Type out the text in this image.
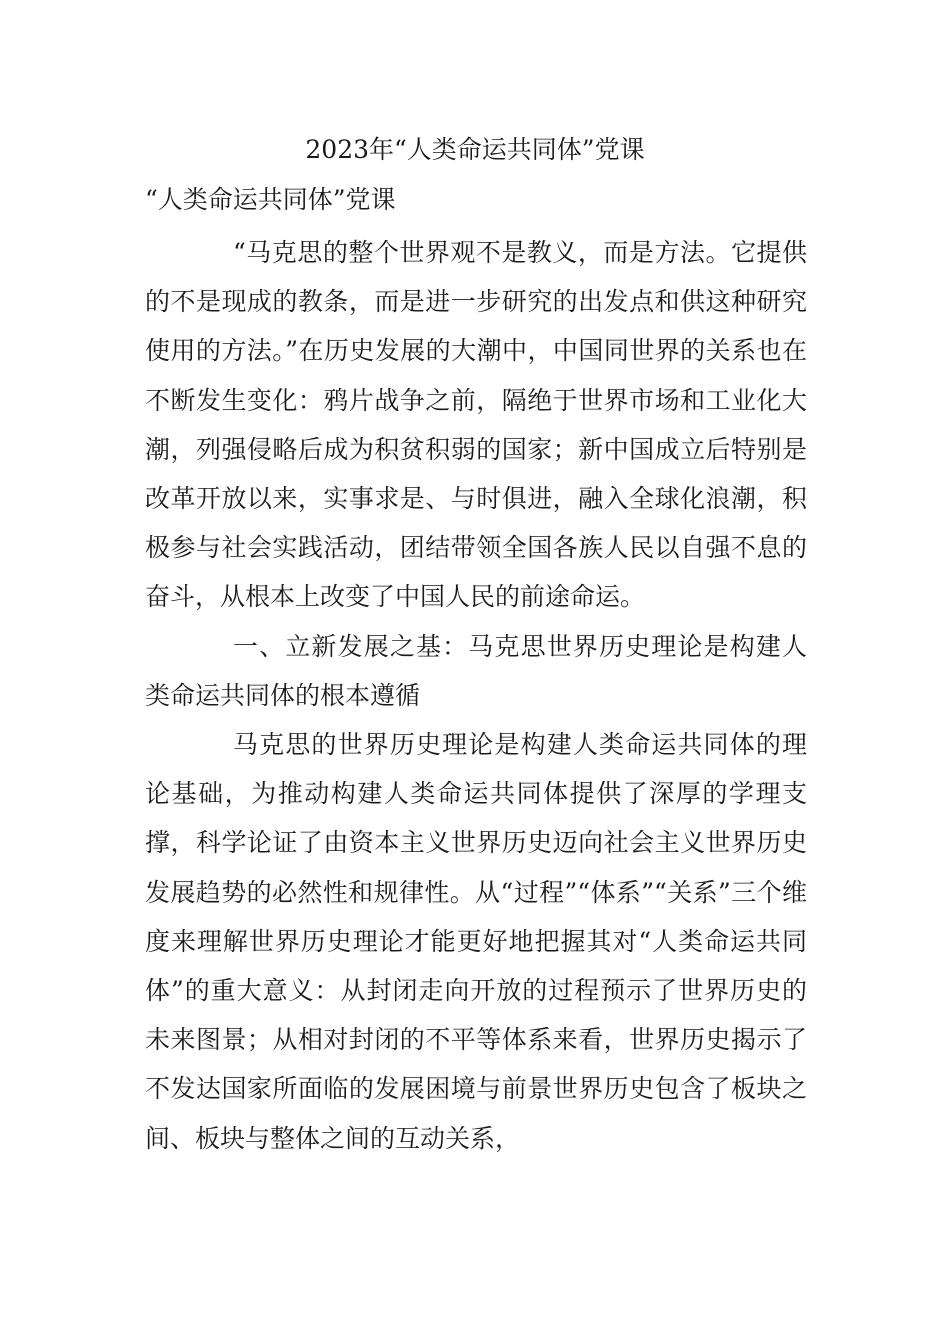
2023年“人类命运共同体”党课

“人类命运共同体”党课

“马克思的整个世界观不是教义，而是方法。它提供的不是现成的教条，而是进一步研究的出发点和供这种研究使用的方法。”在历史发展的大潮中，中国同世界的关系也在不断发生变化：鸦片战争之前，隔绝于世界市场和工业化大潮，列强侵略后成为积贫积弱的国家；新中国成立后特别是改革开放以来，实事求是、与时俱进，融入全球化浪潮，积极参与社会实践活动，团结带领全国各族人民以自强不息的奋斗，从根本上改变了中国人民的前途命运。

一、立新发展之基：马克思世界历史理论是构建人类命运共同体的根本遵循

马克思的世界历史理论是构建人类命运共同体的理论基础，为推动构建人类命运共同体提供了深厚的学理支撑，科学论证了由资本主义世界历史迈向社会主义世界历史发展趋势的必然性和规律性。从“过程”“体系”“关系”三个维度来理解世界历史理论才能更好地把握其对“人类命运共同体”的重大意义：从封闭走向开放的过程预示了世界历史的未来图景；从相对封闭的不平等体系来看，世界历史揭示了不发达国家所面临的发展困境与前景世界历史包含了板块之间、板块与整体之间的互动关系，
